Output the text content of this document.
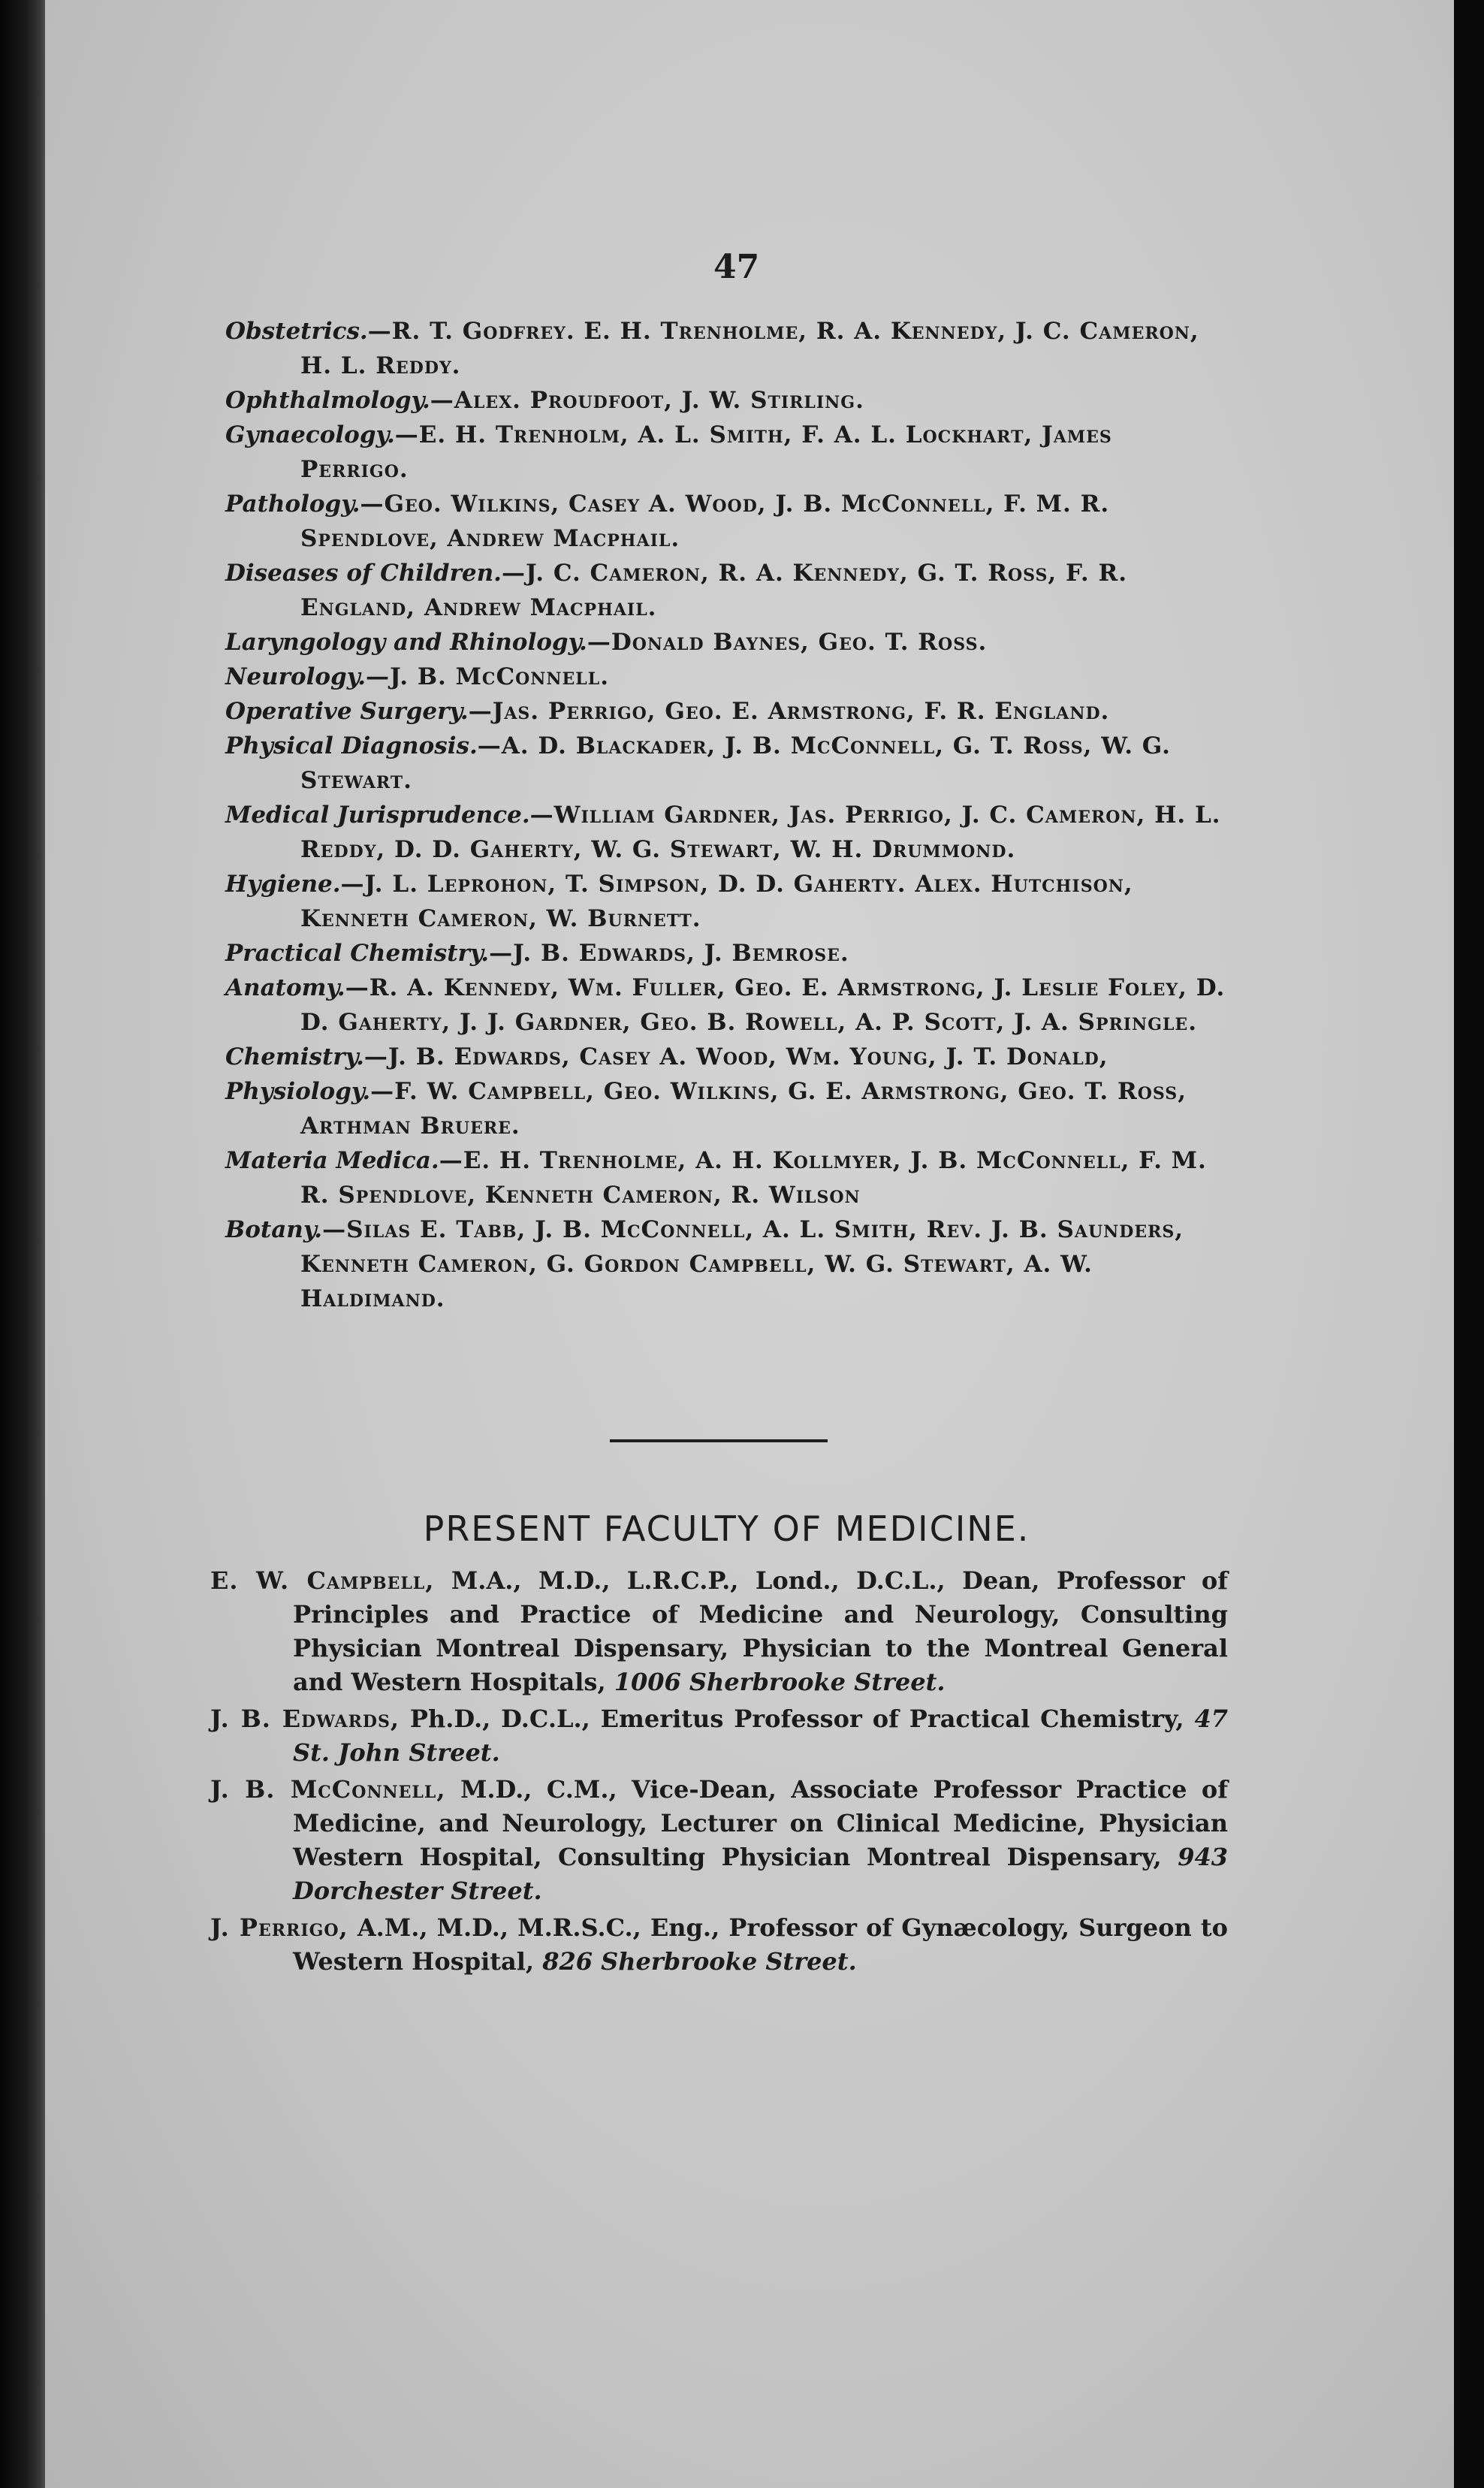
47

Obstetrics.—R. T. Godfrey. E. H. Trenholme, R. A. Kennedy, J. C. Cameron, H. L. Reddy.

Ophthalmology.—Alex. Proudfoot, J. W. Stirling.

Gynaecology.—E. H. Trenholm, A. L. Smith, F. A. L. Lockhart, James Perrigo.

Pathology.—Geo. Wilkins, Casey A. Wood, J. B. McConnell, F. M. R. Spendlove, Andrew Macphail.

Diseases of Children.—J. C. Cameron, R. A. Kennedy, G. T. Ross, F. R. England, Andrew Macphail.

Laryngology and Rhinology.—Donald Baynes, Geo. T. Ross.

Neurology.—J. B. McConnell.

Operative Surgery.—Jas. Perrigo, Geo. E. Armstrong, F. R. England.

Physical Diagnosis.—A. D. Blackader, J. B. McConnell, G. T. Ross, W. G. Stewart.

Medical Jurisprudence.—William Gardner, Jas. Perrigo, J. C. Cameron, H. L. Reddy, D. D. Gaherty, W. G. Stewart, W. H. Drummond.

Hygiene.—J. L. Leprohon, T. Simpson, D. D. Gaherty. Alex. Hutchison, Kenneth Cameron, W. Burnett.

Practical Chemistry.—J. B. Edwards, J. Bemrose.

Anatomy.—R. A. Kennedy, Wm. Fuller, Geo. E. Armstrong, J. Leslie Foley, D. D. Gaherty, J. J. Gardner, Geo. B. Rowell, A. P. Scott, J. A. Springle.

Chemistry.—J. B. Edwards, Casey A. Wood, Wm. Young, J. T. Donald,

Physiology.—F. W. Campbell, Geo. Wilkins, G. E. Armstrong, Geo. T. Ross, Arthman Bruere.

Materia Medica.—E. H. Trenholme, A. H. Kollmyer, J. B. McConnell, F. M. R. Spendlove, Kenneth Cameron, R. Wilson

Botany.—Silas E. Tabb, J. B. McConnell, A. L. Smith, Rev. J. B. Saunders, Kenneth Cameron, G. Gordon Campbell, W. G. Stewart, A. W. Haldimand.

PRESENT FACULTY OF MEDICINE.

E. W. Campbell, M.A., M.D., L.R.C.P., Lond., D.C.L., Dean, Professor of Principles and Practice of Medicine and Neurology, Consulting Physician Montreal Dispensary, Physician to the Montreal General and Western Hospitals, 1006 Sherbrooke Street.

J. B. Edwards, Ph.D., D.C.L., Emeritus Professor of Practical Chemistry, 47 St. John Street.

J. B. McConnell, M.D., C.M., Vice-Dean, Associate Professor Practice of Medicine, and Neurology, Lecturer on Clinical Medicine, Physician Western Hospital, Consulting Physician Montreal Dispensary, 943 Dorchester Street.

J. Perrigo, A.M., M.D., M.R.S.C., Eng., Professor of Gynæcology, Surgeon to Western Hospital, 826 Sherbrooke Street.
